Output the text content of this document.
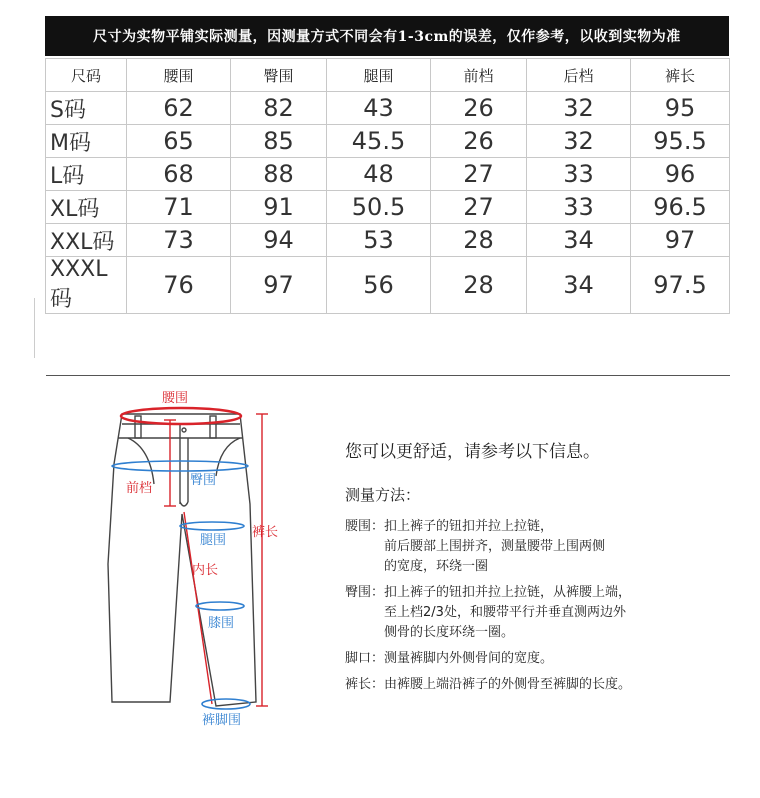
尺寸为实物平铺实际测量，因测量方式不同会有1-3cm的误差，仅作参考，以收到实物为准
尺码	腰围	臀围	腿围	前档	后档	裤长
S码	62	82	43	26	32	95
M码	65	85	45.5	26	32	95.5
L码	68	88	48	27	33	96
XL码	71	91	50.5	27	33	96.5
XXL码	73	94	53	28	34	97
XXXL码	76	97	56	28	34	97.5
腰围
臀围
前档
裤长
腿围
内长
膝围
裤脚围
您可以更舒适，请参考以下信息。
测量方法：
腰围： 扣上裤子的钮扣并拉上拉链，
前后腰部上围拼齐，测量腰带上围两侧
的宽度，环绕一圈
臀围： 扣上裤子的钮扣并拉上拉链，从裤腰上端，
至上档2/3处，和腰带平行并垂直测两边外
侧骨的长度环绕一圈。
脚口： 测量裤脚内外侧骨间的宽度。
裤长： 由裤腰上端沿裤子的外侧骨至裤脚的长度。
